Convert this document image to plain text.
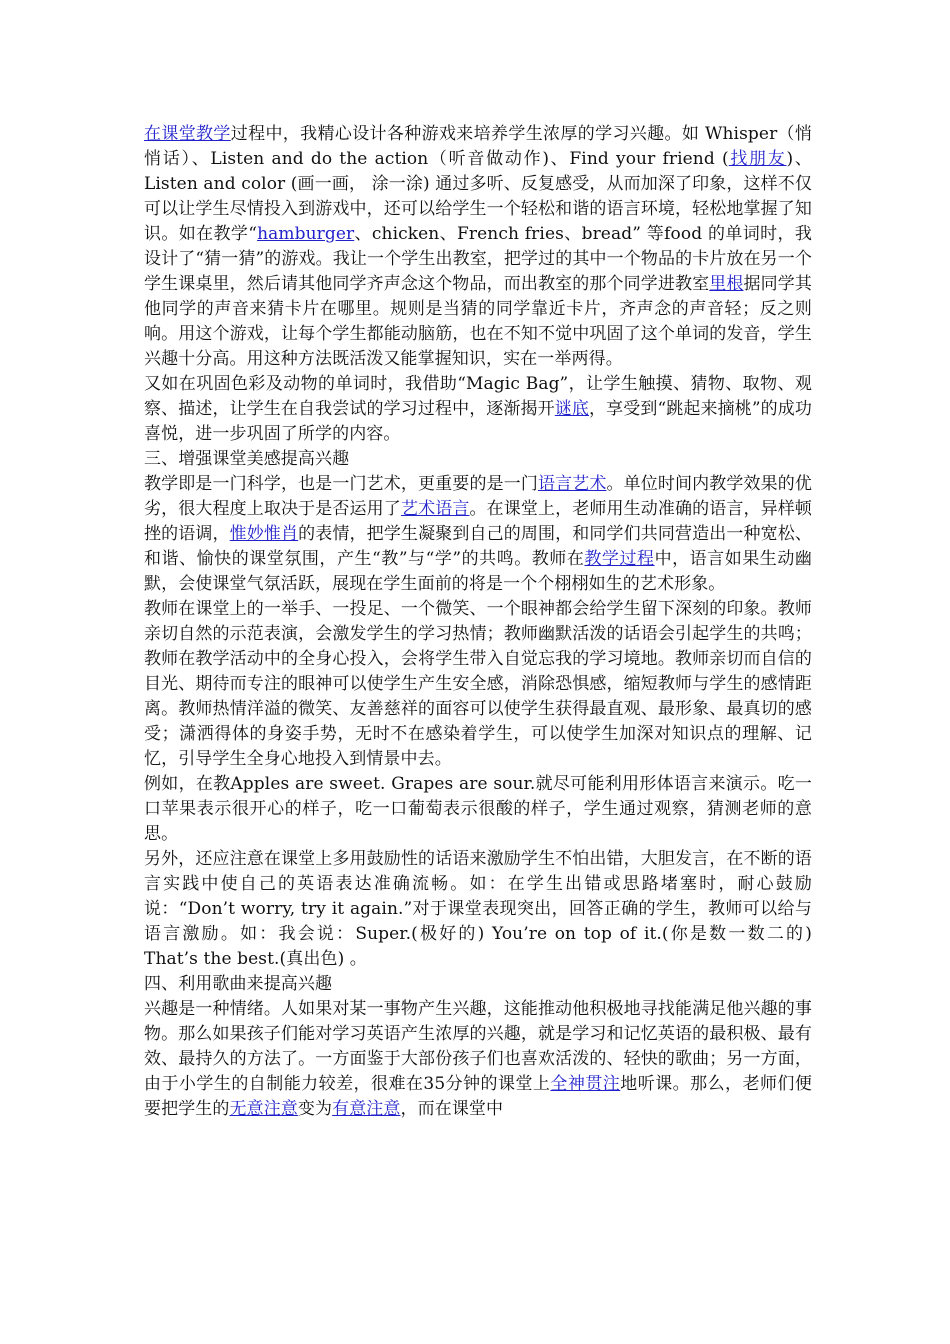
在课堂教学过程中，我精心设计各种游戏来培养学生浓厚的学习兴趣。如 Whisper（悄悄话）、Listen and do the action（听音做动作)、Find your friend (找朋友)、Listen and color (画一画， 涂一涂) 通过多听、反复感受，从而加深了印象，这样不仅可以让学生尽情投入到游戏中，还可以给学生一个轻松和谐的语言环境，轻松地掌握了知识。如在教学“hamburger、chicken、French fries、bread” 等food 的单词时，我设计了“猜一猜”的游戏。我让一个学生出教室，把学过的其中一个物品的卡片放在另一个学生课桌里，然后请其他同学齐声念这个物品，而出教室的那个同学进教室里根据同学其他同学的声音来猜卡片在哪里。规则是当猜的同学靠近卡片，齐声念的声音轻；反之则响。用这个游戏，让每个学生都能动脑筋，也在不知不觉中巩固了这个单词的发音，学生兴趣十分高。用这种方法既活泼又能掌握知识，实在一举两得。

又如在巩固色彩及动物的单词时，我借助“Magic Bag”，让学生触摸、猜物、取物、观察、描述，让学生在自我尝试的学习过程中，逐渐揭开谜底，享受到“跳起来摘桃”的成功喜悦，进一步巩固了所学的内容。

三、增强课堂美感提高兴趣

教学即是一门科学，也是一门艺术，更重要的是一门语言艺术。单位时间内教学效果的优劣，很大程度上取决于是否运用了艺术语言。在课堂上，老师用生动准确的语言，异样顿挫的语调，惟妙惟肖的表情，把学生凝聚到自己的周围，和同学们共同营造出一种宽松、和谐、愉快的课堂氛围，产生“教”与“学”的共鸣。教师在教学过程中，语言如果生动幽默，会使课堂气氛活跃，展现在学生面前的将是一个个栩栩如生的艺术形象。

教师在课堂上的一举手、一投足、一个微笑、一个眼神都会给学生留下深刻的印象。教师亲切自然的示范表演，会激发学生的学习热情；教师幽默活泼的话语会引起学生的共鸣；教师在教学活动中的全身心投入，会将学生带入自觉忘我的学习境地。教师亲切而自信的目光、期待而专注的眼神可以使学生产生安全感，消除恐惧感，缩短教师与学生的感情距离。教师热情洋溢的微笑、友善慈祥的面容可以使学生获得最直观、最形象、最真切的感受；潇洒得体的身姿手势，无时不在感染着学生，可以使学生加深对知识点的理解、记忆，引导学生全身心地投入到情景中去。

例如，在教Apples are sweet. Grapes are sour.就尽可能利用形体语言来演示。吃一口苹果表示很开心的样子，吃一口葡萄表示很酸的样子，学生通过观察，猜测老师的意思。

另外，还应注意在课堂上多用鼓励性的话语来激励学生不怕出错，大胆发言，在不断的语言实践中使自己的英语表达准确流畅。如：在学生出错或思路堵塞时，耐心鼓励说：“Don’t worry, try it again.”对于课堂表现突出，回答正确的学生，教师可以给与语言激励。如：我会说：Super.(极好的) You’re on top of it.(你是数一数二的) That’s the best.(真出色) 。

四、利用歌曲来提高兴趣

兴趣是一种情绪。人如果对某一事物产生兴趣，这能推动他积极地寻找能满足他兴趣的事物。那么如果孩子们能对学习英语产生浓厚的兴趣，就是学习和记忆英语的最积极、最有效、最持久的方法了。一方面鉴于大部份孩子们也喜欢活泼的、轻快的歌曲；另一方面，由于小学生的自制能力较差，很难在35分钟的课堂上全神贯注地听课。那么，老师们便要把学生的无意注意变为有意注意，而在课堂中
